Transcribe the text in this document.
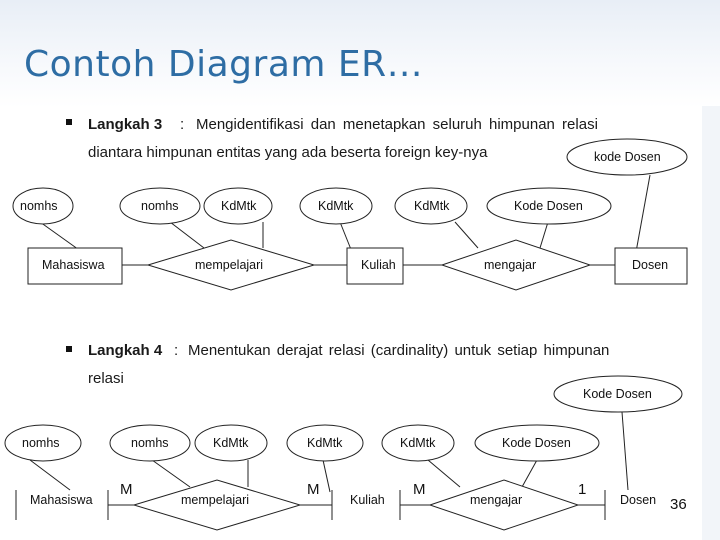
Contoh Diagram ER…
Langkah 3 : Mengidentifikasi dan menetapkan seluruh himpunan relasi
diantara himpunan entitas yang ada beserta foreign key-nya
Langkah 4 : Menentukan derajat relasi (cardinality) untuk setiap himpunan
relasi
nomhs	nomhs	KdMtk	KdMtk	KdMtk	Kode Dosen
kode Dosen
Mahasiswa	Kuliah	Dosen
mempelajari	mengajar
nomhs	nomhs	KdMtk	KdMtk	KdMtk	Kode Dosen
Kode Dosen
Mahasiswa	Kuliah	Dosen
mempelajari	mengajar
M	M	M	1
36
